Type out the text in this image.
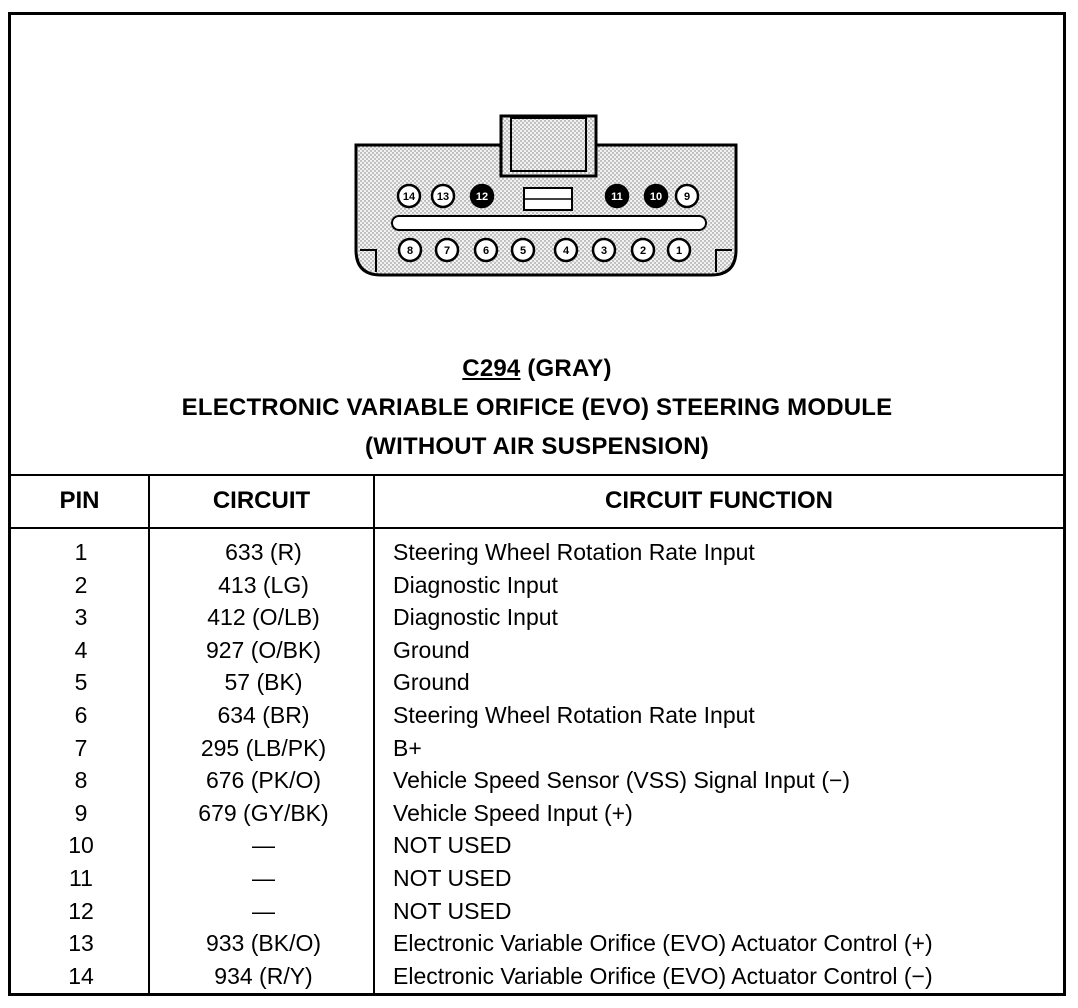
14 13 12	11 10 9
8	7	6	5	4	3	2	1
C294 (GRAY)
ELECTRONIC VARIABLE ORIFICE (EVO) STEERING MODULE
(WITHOUT AIR SUSPENSION)
PIN	CIRCUIT	CIRCUIT FUNCTION
1	633 (R)	Steering Wheel Rotation Rate Input
2	413 (LG)	Diagnostic Input
3	412 (O/LB)	Diagnostic Input
4	927 (O/BK)	Ground
5	57 (BK)	Ground
6	634 (BR)	Steering Wheel Rotation Rate Input
7	295 (LB/PK)	B+
8	676 (PK/O)	Vehicle Speed Sensor (VSS) Signal Input (−)
9	679 (GY/BK)	Vehicle Speed Input (+)
10	—	NOT USED
11	—	NOT USED
12	—	NOT USED
13	933 (BK/O)	Electronic Variable Orifice (EVO) Actuator Control (+)
14	934 (R/Y)	Electronic Variable Orifice (EVO) Actuator Control (−)
